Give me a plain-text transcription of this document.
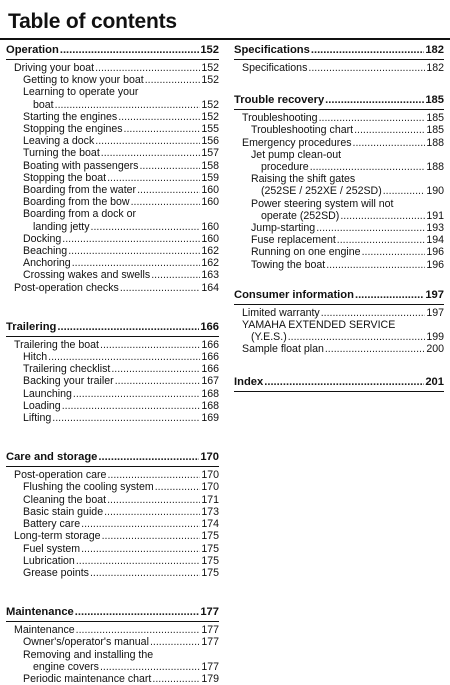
Table of contents
Operation .....	152
Driving your boat .....	152
Getting to know your boat .....	152
Learning to operate your
boat .....	152
Starting the engines .....	152
Stopping the engines .....	155
Leaving a dock .....	156
Turning the boat .....	157
Boating with passengers .....	158
Stopping the boat .....	159
Boarding from the water .....	160
Boarding from the bow .....	160
Boarding from a dock or
landing jetty .....	160
Docking .....	160
Beaching .....	162
Anchoring .....	162
Crossing wakes and swells .....	163
Post-operation checks .....	164
Trailering .....	166
Trailering the boat .....	166
Hitch .....	166
Trailering checklist .....	166
Backing your trailer .....	167
Launching .....	168
Loading .....	168
Lifting .....	169
Care and storage .....	170
Post-operation care .....	170
Flushing the cooling system .....	170
Cleaning the boat .....	171
Basic stain guide .....	173
Battery care .....	174
Long-term storage .....	175
Fuel system .....	175
Lubrication .....	175
Grease points .....	175
Maintenance .....	177
Maintenance .....	177
Owner's/operator's manual .....	177
Removing and installing the
engine covers .....	177
Periodic maintenance chart .....	179
Specifications .....	182
Specifications .....	182
Trouble recovery .....	185
Troubleshooting .....	185
Troubleshooting chart .....	185
Emergency procedures .....	188
Jet pump clean-out
procedure .....	188
Raising the shift gates
(252SE / 252XE / 252SD) .....	190
Power steering system will not
operate (252SD) .....	191
Jump-starting .....	193
Fuse replacement .....	194
Running on one engine .....	196
Towing the boat .....	196
Consumer information .....	197
Limited warranty .....	197
YAMAHA EXTENDED SERVICE
(Y.E.S.) .....	199
Sample float plan .....	200
Index .....	201
